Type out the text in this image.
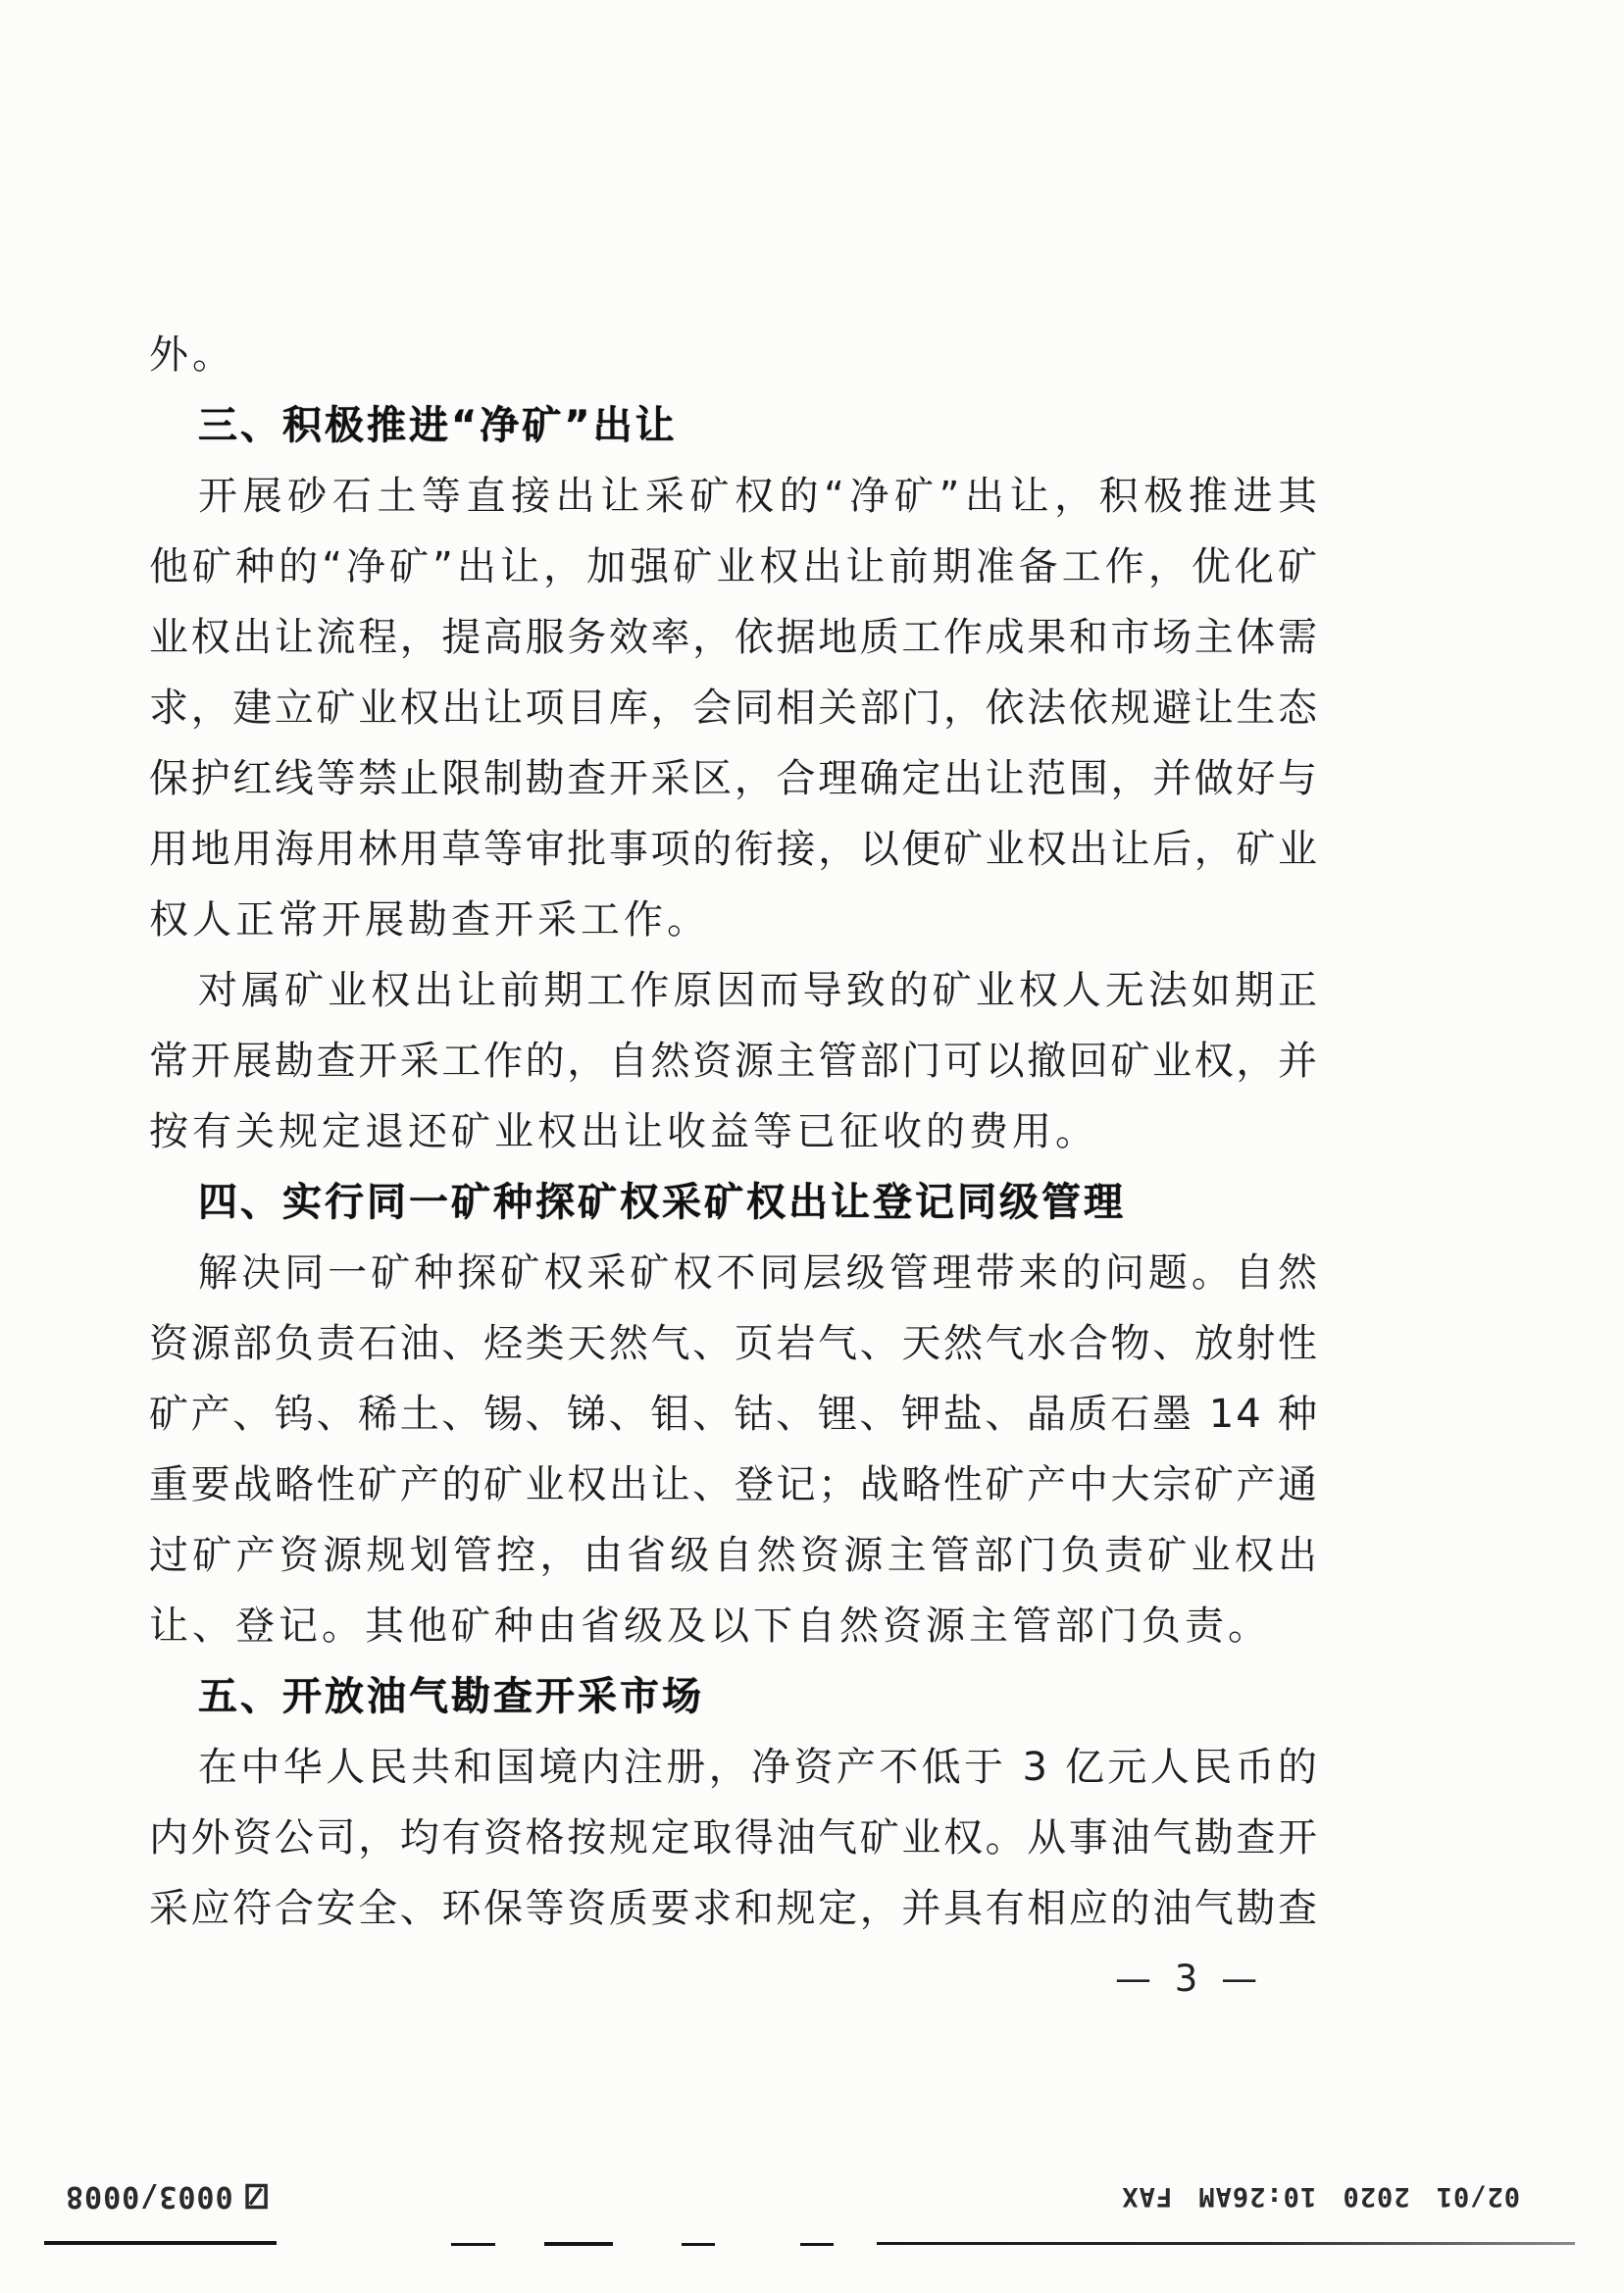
外。
三、积极推进“净矿”出让
开展砂石土等直接出让采矿权的“净矿”出让，积极推进其
他矿种的“净矿”出让，加强矿业权出让前期准备工作，优化矿
业权出让流程，提高服务效率，依据地质工作成果和市场主体需
求，建立矿业权出让项目库，会同相关部门，依法依规避让生态
保护红线等禁止限制勘查开采区，合理确定出让范围，并做好与
用地用海用林用草等审批事项的衔接，以便矿业权出让后，矿业
权人正常开展勘查开采工作。
对属矿业权出让前期工作原因而导致的矿业权人无法如期正
常开展勘查开采工作的，自然资源主管部门可以撤回矿业权，并
按有关规定退还矿业权出让收益等已征收的费用。
四、实行同一矿种探矿权采矿权出让登记同级管理
解决同一矿种探矿权采矿权不同层级管理带来的问题。自然
资源部负责石油、烃类天然气、页岩气、天然气水合物、放射性
矿产、钨、稀土、锡、锑、钼、钴、锂、钾盐、晶质石墨 14 种
重要战略性矿产的矿业权出让、登记；战略性矿产中大宗矿产通
过矿产资源规划管控，由省级自然资源主管部门负责矿业权出
让、登记。其他矿种由省级及以下自然资源主管部门负责。
五、开放油气勘查开采市场
在中华人民共和国境内注册，净资产不低于 3 亿元人民币的
内外资公司，均有资格按规定取得油气矿业权。从事油气勘查开
采应符合安全、环保等资质要求和规定，并具有相应的油气勘查
— 3 —
0003/0008	02/01 2020 10:26AM FAX
